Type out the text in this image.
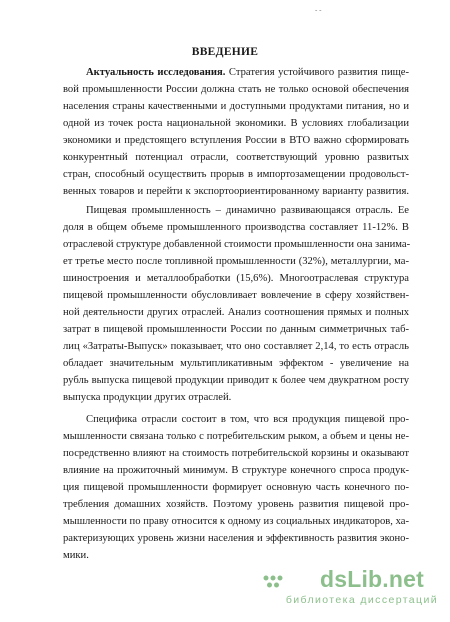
- -
ВВЕДЕНИЕ
Актуальность исследования. Стратегия устойчивого развития пище-
вой промышленности России должна стать не только основой обеспечения
населения страны качественными и доступными продуктами питания, но и
одной из точек роста национальной экономики. В условиях глобализации
экономики и предстоящего вступления России в ВТО важно сформировать
конкурентный потенциал отрасли, соответствующий уровню развитых
стран, способный осуществить прорыв в импортозамещении продовольст-
венных товаров и перейти к экспортоориентированному варианту развития.
Пищевая промышленность – динамично развивающаяся отрасль. Ее
доля в общем объеме промышленного производства составляет 11-12%. В
отраслевой структуре добавленной стоимости промышленности она занима-
ет третье место после топливной промышленности (32%), металлургии, ма-
шиностроения и металлообработки (15,6%). Многоотраслевая структура
пищевой промышленности обусловливает вовлечение в сферу хозяйствен-
ной деятельности других отраслей. Анализ соотношения прямых и полных
затрат в пищевой промышленности России по данным симметричных таб-
лиц «Затраты-Выпуск» показывает, что оно составляет 2,14, то есть отрасль
обладает значительным мультипликативным эффектом - увеличение на
рубль выпуска пищевой продукции приводит к более чем двукратном росту
выпуска продукции других отраслей.
Специфика отрасли состоит в том, что вся продукция пищевой про-
мышленности связана только с потребительским рыком, а объем и цены не-
посредственно влияют на стоимость потребительской корзины и оказывают
влияние на прожиточный минимум. В структуре конечного спроса продук-
ция пищевой промышленности формирует основную часть конечного по-
требления домашних хозяйств. Поэтому уровень развития пищевой про-
мышленности по праву относится к одному из социальных индикаторов, ха-
рактеризующих уровень жизни населения и эффективность развития эконо-
мики.
dsLib.net
библиотека диссертаций
